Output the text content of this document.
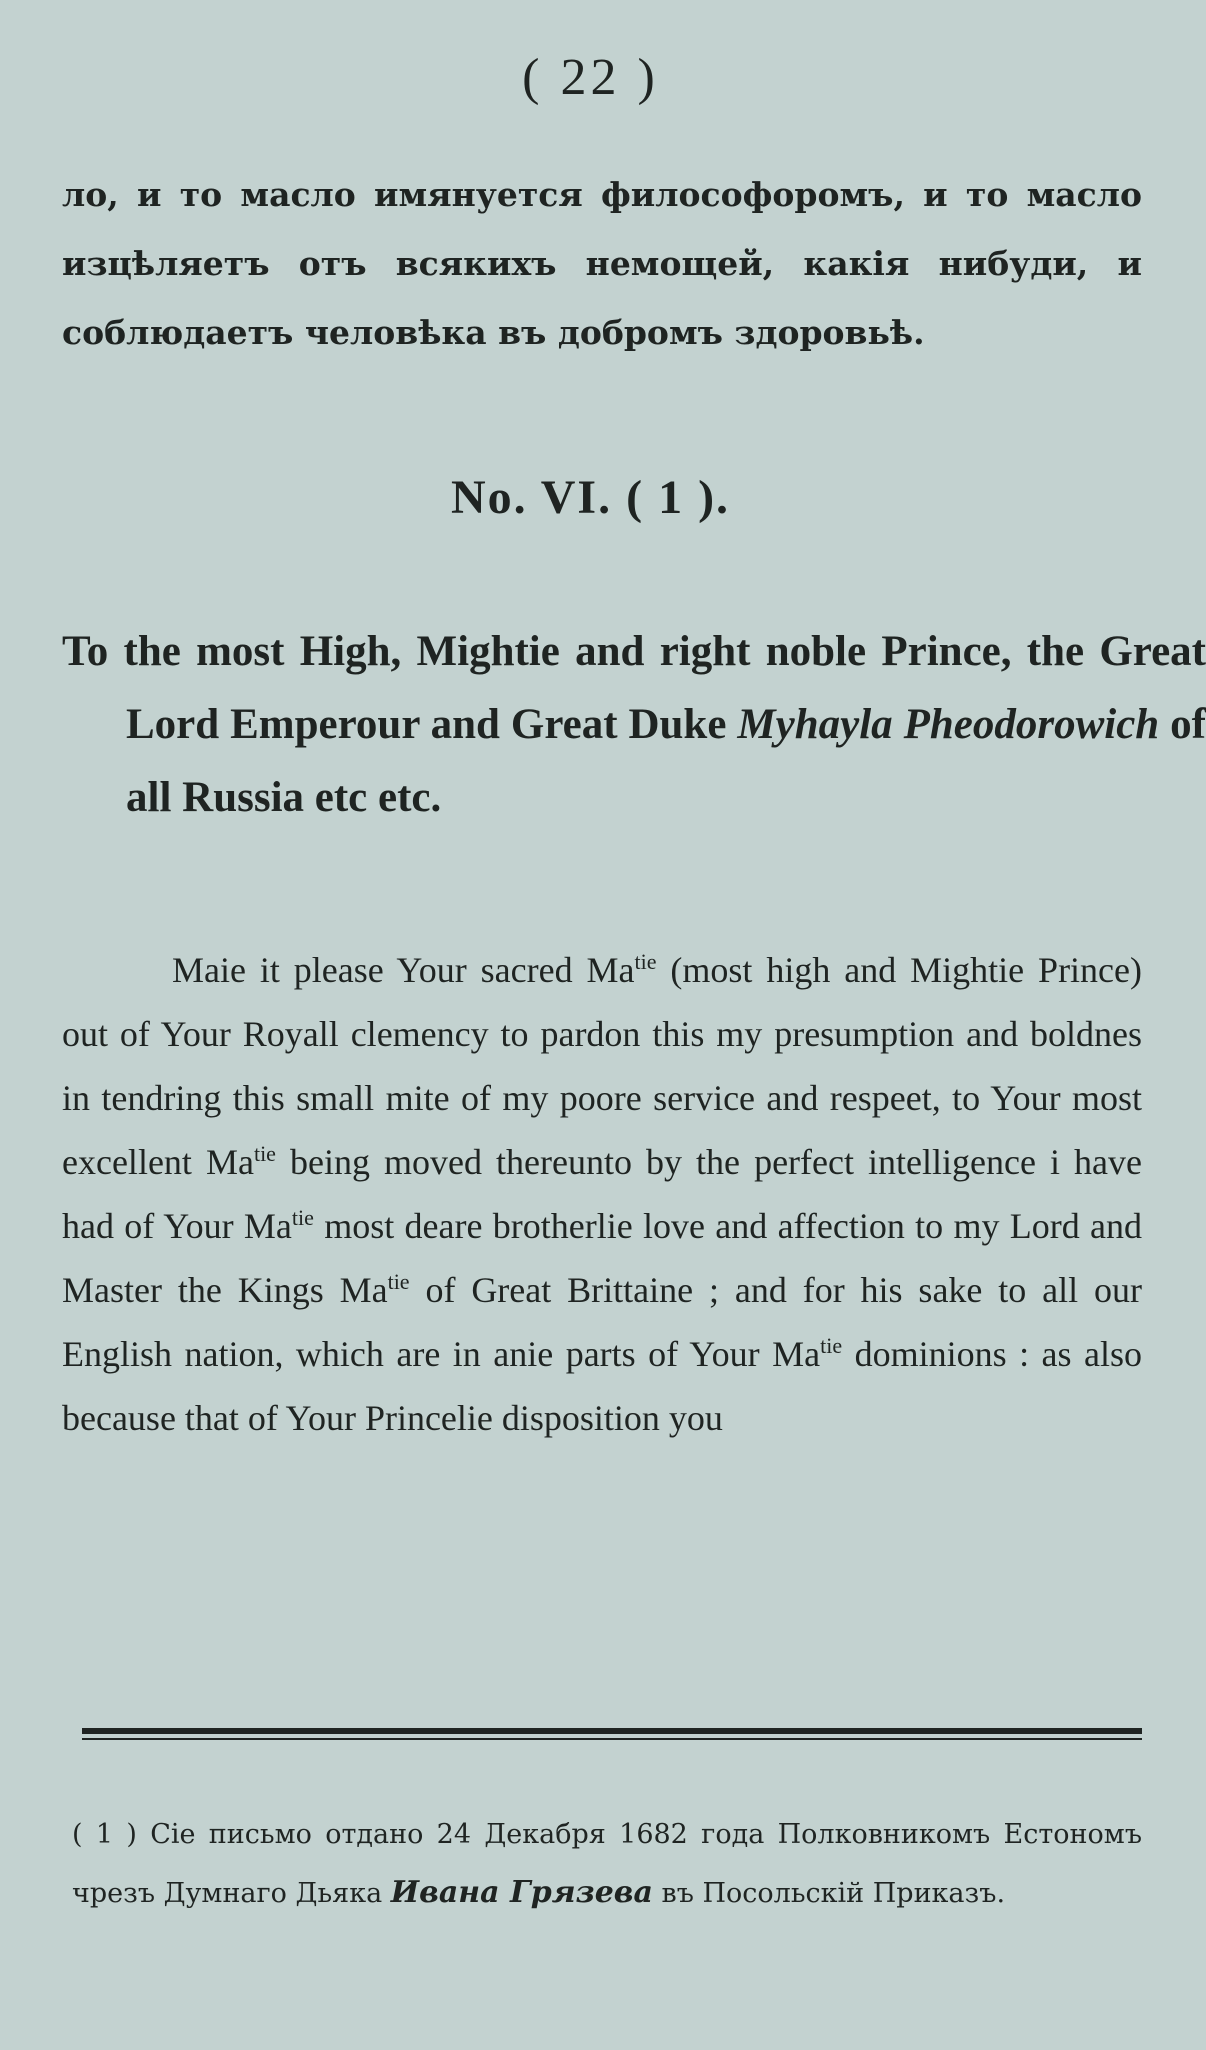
( 22 )
ло, и то масло имянуется философоромъ, и то масло изцѣляетъ отъ всякихъ немощей, какія нибуди, и соблюдаетъ человѣка въ добромъ здоровьѣ.
No. VI. ( 1 ).
To the most High, Mightie and right noble Prince, the Great Lord Emperour and Great Duke Myhayla Pheodorowich of all Russia etc etc.
Maie it please Your sacred $Ma^{tie}$ (most high and Mightie Prince) out of Your Royall clemency to pardon this my presumption and boldnes in tendring this small mite of my poore service and respeet, to Your most excellent $Ma^{tie}$ being moved thereunto by the perfect intelligence i have had of Your $Ma^{tie}$ most deare brotherlie love and affection to my Lord and Master the Kings $Ma^{tie}$ of Great Brittaine ; and for his sake to all our English nation, which are in anie parts of Your $Ma^{tie}$ dominions : as also because that of Your Princelie disposition you
( 1 ) Сіе письмо отдано 24 Декабря 1682 года Полковникомъ Естономъ чрезъ Думнаго Дьяка Ивана Грязева въ Посольскій Приказъ.
